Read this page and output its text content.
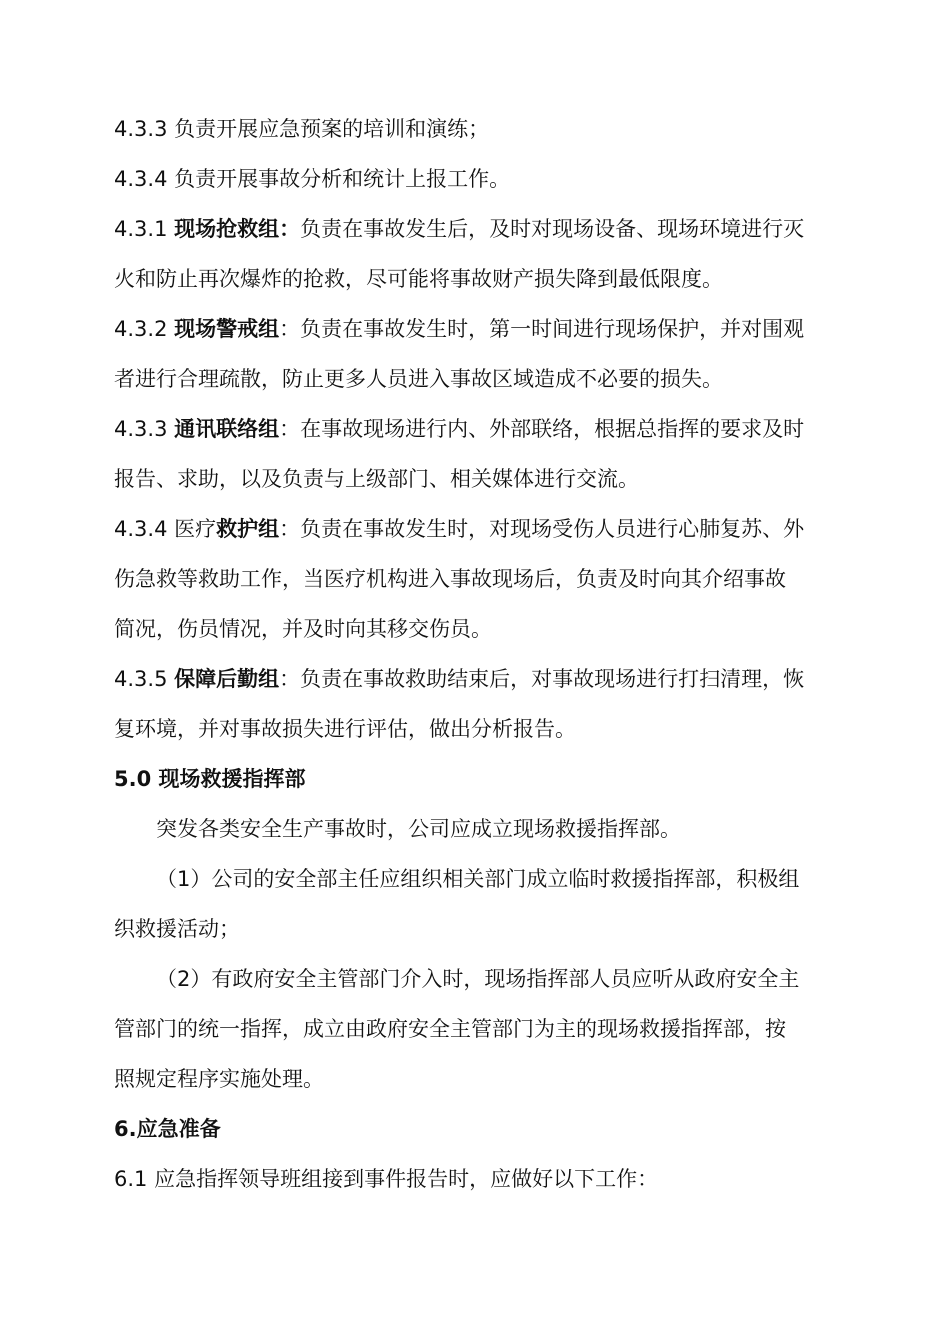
4.3.3 负责开展应急预案的培训和演练；
4.3.4 负责开展事故分析和统计上报工作。
4.3.1 现场抢救组：负责在事故发生后，及时对现场设备、现场环境进行灭
火和防止再次爆炸的抢救，尽可能将事故财产损失降到最低限度。
4.3.2 现场警戒组：负责在事故发生时，第一时间进行现场保护，并对围观
者进行合理疏散，防止更多人员进入事故区域造成不必要的损失。
4.3.3 通讯联络组：在事故现场进行内、外部联络，根据总指挥的要求及时
报告、求助，以及负责与上级部门、相关媒体进行交流。
4.3.4 医疗救护组：负责在事故发生时，对现场受伤人员进行心肺复苏、外
伤急救等救助工作，当医疗机构进入事故现场后，负责及时向其介绍事故
简况，伤员情况，并及时向其移交伤员。
4.3.5 保障后勤组：负责在事故救助结束后，对事故现场进行打扫清理，恢
复环境，并对事故损失进行评估，做出分析报告。
5.0 现场救援指挥部
突发各类安全生产事故时，公司应成立现场救援指挥部。
（1）公司的安全部主任应组织相关部门成立临时救援指挥部，积极组
织救援活动；
（2）有政府安全主管部门介入时，现场指挥部人员应听从政府安全主
管部门的统一指挥，成立由政府安全主管部门为主的现场救援指挥部，按
照规定程序实施处理。
6.应急准备
6.1 应急指挥领导班组接到事件报告时，应做好以下工作：
